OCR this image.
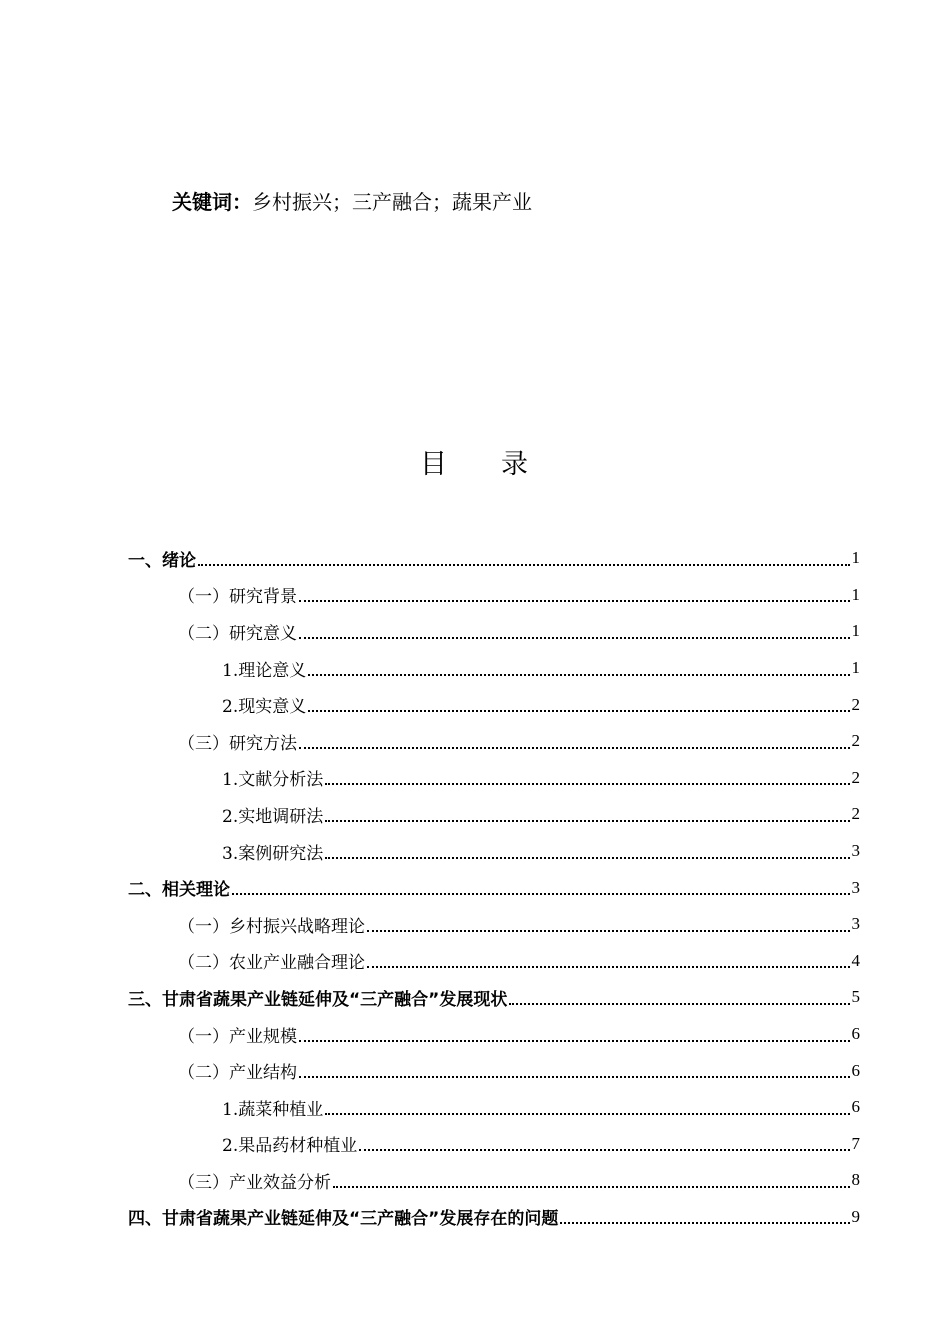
关键词：乡村振兴；三产融合；蔬果产业
目 录
一、绪论	1
（一）研究背景	1
（二）研究意义	1
1.理论意义	1
2.现实意义	2
（三）研究方法	2
1.文献分析法	2
2.实地调研法	2
3.案例研究法	3
二、相关理论	3
（一）乡村振兴战略理论	3
（二）农业产业融合理论	4
三、甘肃省蔬果产业链延伸及“三产融合”发展现状	5
（一）产业规模	6
（二）产业结构	6
1.蔬菜种植业	6
2.果品药材种植业	7
（三）产业效益分析	8
四、甘肃省蔬果产业链延伸及“三产融合”发展存在的问题	9
